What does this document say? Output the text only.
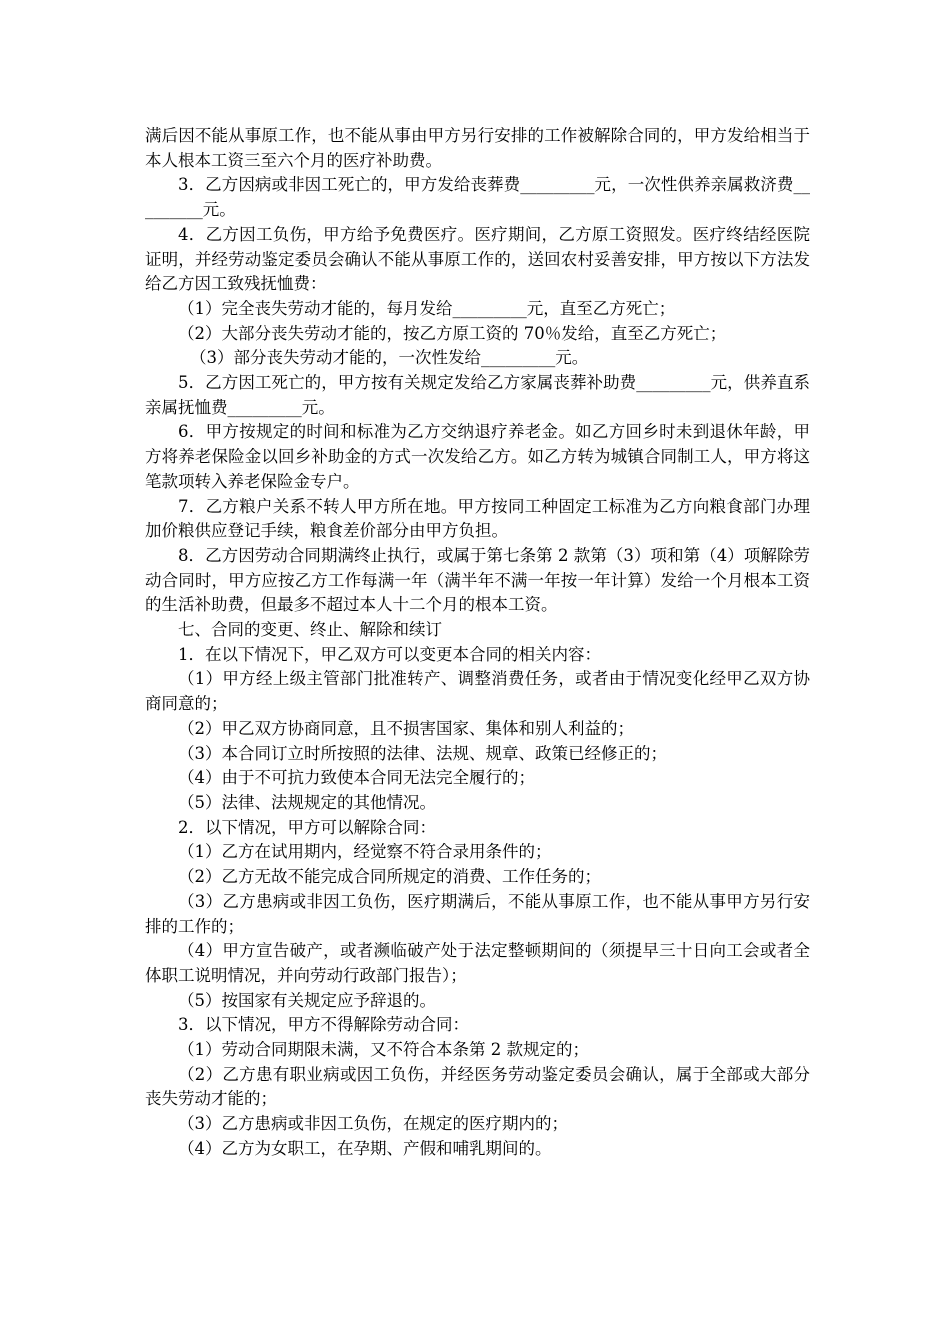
满后因不能从事原工作，也不能从事由甲方另行安排的工作被解除合同的，甲方发给相当于本人根本工资三至六个月的医疗补助费。

3．乙方因病或非因工死亡的，甲方发给丧葬费_________元，一次性供养亲属救济费_________元。

4．乙方因工负伤，甲方给予免费医疗。医疗期间，乙方原工资照发。医疗终结经医院证明，并经劳动鉴定委员会确认不能从事原工作的，送回农村妥善安排，甲方按以下方法发给乙方因工致残抚恤费：

（1）完全丧失劳动才能的，每月发给_________元，直至乙方死亡；

（2）大部分丧失劳动才能的，按乙方原工资的 70％发给，直至乙方死亡；

（3）部分丧失劳动才能的，一次性发给_________元。

5．乙方因工死亡的，甲方按有关规定发给乙方家属丧葬补助费_________元，供养直系亲属抚恤费_________元。

6．甲方按规定的时间和标准为乙方交纳退疗养老金。如乙方回乡时未到退休年龄，甲方将养老保险金以回乡补助金的方式一次发给乙方。如乙方转为城镇合同制工人，甲方将这笔款项转入养老保险金专户。

7．乙方粮户关系不转人甲方所在地。甲方按同工种固定工标准为乙方向粮食部门办理加价粮供应登记手续，粮食差价部分由甲方负担。

8．乙方因劳动合同期满终止执行，或属于第七条第 2 款第（3）项和第（4）项解除劳动合同时，甲方应按乙方工作每满一年（满半年不满一年按一年计算）发给一个月根本工资的生活补助费，但最多不超过本人十二个月的根本工资。

七、合同的变更、终止、解除和续订

1．在以下情况下，甲乙双方可以变更本合同的相关内容：

（1）甲方经上级主管部门批准转产、调整消费任务，或者由于情况变化经甲乙双方协商同意的；

（2）甲乙双方协商同意，且不损害国家、集体和别人利益的；

（3）本合同订立时所按照的法律、法规、规章、政策已经修正的；

（4）由于不可抗力致使本合同无法完全履行的；

（5）法律、法规规定的其他情况。

2．以下情况，甲方可以解除合同：

（1）乙方在试用期内，经觉察不符合录用条件的；

（2）乙方无故不能完成合同所规定的消费、工作任务的；

（3）乙方患病或非因工负伤，医疗期满后，不能从事原工作，也不能从事甲方另行安排的工作的；

（4）甲方宣告破产，或者濒临破产处于法定整顿期间的（须提早三十日向工会或者全体职工说明情况，并向劳动行政部门报告）；

（5）按国家有关规定应予辞退的。

3．以下情况，甲方不得解除劳动合同：

（1）劳动合同期限未满，又不符合本条第 2 款规定的；

（2）乙方患有职业病或因工负伤，并经医务劳动鉴定委员会确认，属于全部或大部分丧失劳动才能的；

（3）乙方患病或非因工负伤，在规定的医疗期内的；

（4）乙方为女职工，在孕期、产假和哺乳期间的。
